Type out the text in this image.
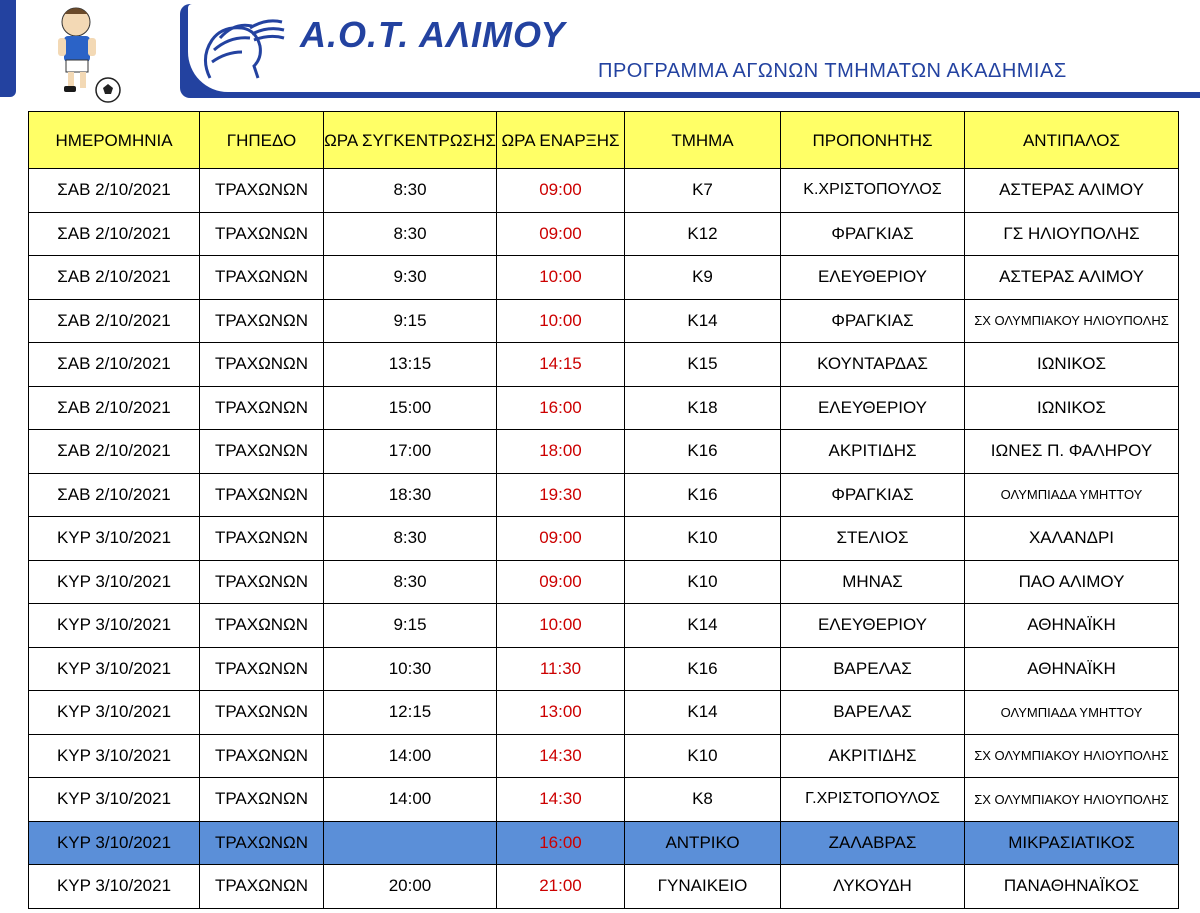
Α.Ο.Τ. ΑΛΙΜΟΥ
ΠΡΟΓΡΑΜΜΑ ΑΓΩΝΩΝ ΤΜΗΜΑΤΩΝ ΑΚΑΔΗΜΙΑΣ
ΗΜΕΡΟΜΗΝΙΑ	ΓΗΠΕΔΟ	ΩΡΑ ΣΥΓΚΕΝΤΡΩΣΗΣ	ΩΡΑ ΕΝΑΡΞΗΣ	ΤΜΗΜΑ	ΠΡΟΠΟΝΗΤΗΣ	ΑΝΤΙΠΑΛΟΣ
ΣΑΒ 2/10/2021	ΤΡΑΧΩΝΩΝ	8:30	09:00	Κ7	Κ.ΧΡΙΣΤΟΠΟΥΛΟΣ	ΑΣΤΕΡΑΣ ΑΛΙΜΟΥ
ΣΑΒ 2/10/2021	ΤΡΑΧΩΝΩΝ	8:30	09:00	Κ12	ΦΡΑΓΚΙΑΣ	ΓΣ ΗΛΙΟΥΠΟΛΗΣ
ΣΑΒ 2/10/2021	ΤΡΑΧΩΝΩΝ	9:30	10:00	Κ9	ΕΛΕΥΘΕΡΙΟΥ	ΑΣΤΕΡΑΣ ΑΛΙΜΟΥ
ΣΑΒ 2/10/2021	ΤΡΑΧΩΝΩΝ	9:15	10:00	Κ14	ΦΡΑΓΚΙΑΣ	ΣΧ ΟΛΥΜΠΙΑΚΟΥ ΗΛΙΟΥΠΟΛΗΣ
ΣΑΒ 2/10/2021	ΤΡΑΧΩΝΩΝ	13:15	14:15	Κ15	ΚΟΥΝΤΑΡΔΑΣ	ΙΩΝΙΚΟΣ
ΣΑΒ 2/10/2021	ΤΡΑΧΩΝΩΝ	15:00	16:00	Κ18	ΕΛΕΥΘΕΡΙΟΥ	ΙΩΝΙΚΟΣ
ΣΑΒ 2/10/2021	ΤΡΑΧΩΝΩΝ	17:00	18:00	Κ16	ΑΚΡΙΤΙΔΗΣ	ΙΩΝΕΣ Π. ΦΑΛΗΡΟΥ
ΣΑΒ 2/10/2021	ΤΡΑΧΩΝΩΝ	18:30	19:30	Κ16	ΦΡΑΓΚΙΑΣ	ΟΛΥΜΠΙΑΔΑ ΥΜΗΤΤΟΥ
ΚΥΡ 3/10/2021	ΤΡΑΧΩΝΩΝ	8:30	09:00	Κ10	ΣΤΕΛΙΟΣ	ΧΑΛΑΝΔΡΙ
ΚΥΡ 3/10/2021	ΤΡΑΧΩΝΩΝ	8:30	09:00	Κ10	ΜΗΝΑΣ	ΠΑΟ ΑΛΙΜΟΥ
ΚΥΡ 3/10/2021	ΤΡΑΧΩΝΩΝ	9:15	10:00	Κ14	ΕΛΕΥΘΕΡΙΟΥ	ΑΘΗΝΑΪΚΗ
ΚΥΡ 3/10/2021	ΤΡΑΧΩΝΩΝ	10:30	11:30	Κ16	ΒΑΡΕΛΑΣ	ΑΘΗΝΑΪΚΗ
ΚΥΡ 3/10/2021	ΤΡΑΧΩΝΩΝ	12:15	13:00	Κ14	ΒΑΡΕΛΑΣ	ΟΛΥΜΠΙΑΔΑ ΥΜΗΤΤΟΥ
ΚΥΡ 3/10/2021	ΤΡΑΧΩΝΩΝ	14:00	14:30	Κ10	ΑΚΡΙΤΙΔΗΣ	ΣΧ ΟΛΥΜΠΙΑΚΟΥ ΗΛΙΟΥΠΟΛΗΣ
ΚΥΡ 3/10/2021	ΤΡΑΧΩΝΩΝ	14:00	14:30	Κ8	Γ.ΧΡΙΣΤΟΠΟΥΛΟΣ	ΣΧ ΟΛΥΜΠΙΑΚΟΥ ΗΛΙΟΥΠΟΛΗΣ
ΚΥΡ 3/10/2021	ΤΡΑΧΩΝΩΝ		16:00	ΑΝΤΡΙΚΟ	ΖΑΛΑΒΡΑΣ	ΜΙΚΡΑΣΙΑΤΙΚΟΣ
ΚΥΡ 3/10/2021	ΤΡΑΧΩΝΩΝ	20:00	21:00	ΓΥΝΑΙΚΕΙΟ	ΛΥΚΟΥΔΗ	ΠΑΝΑΘΗΝΑΪΚΟΣ
